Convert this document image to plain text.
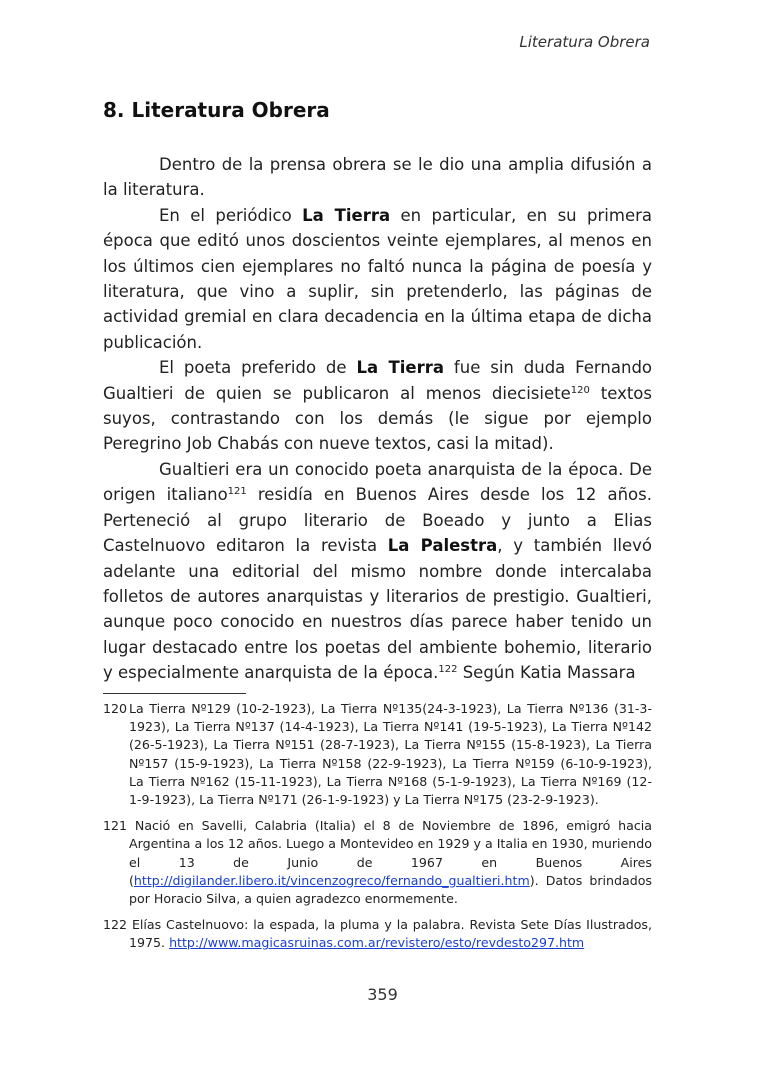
Literatura Obrera
8. Literatura Obrera

Dentro de la prensa obrera se le dio una amplia difusión a la literatura.

En el periódico La Tierra en particular, en su primera época que editó unos doscientos veinte ejemplares, al menos en los últimos cien ejemplares no faltó nunca la página de poesía y literatura, que vino a suplir, sin pretenderlo, las páginas de actividad gremial en clara decadencia en la última etapa de dicha publicación.

El poeta preferido de La Tierra fue sin duda Fernando Gualtieri de quien se publicaron al menos diecisiete$^{120}$ textos suyos, contrastando con los demás (le sigue por ejemplo Peregrino Job Chabás con nueve textos, casi la mitad).

Gualtieri era un conocido poeta anarquista de la época. De origen italiano$^{121}$ residía en Buenos Aires desde los 12 años. Perteneció al grupo literario de Boeado y junto a Elias Castelnuovo editaron la revista La Palestra, y también llevó adelante una editorial del mismo nombre donde intercalaba folletos de autores anarquistas y literarios de prestigio. Gualtieri, aunque poco conocido en nuestros días parece haber tenido un lugar destacado entre los poetas del ambiente bohemio, literario y especialmente anarquista de la época.$^{122}$ Según Katia Massara

120 La Tierra Nº129 (10-2-1923), La Tierra Nº135(24-3-1923), La Tierra Nº136 (31-3-1923), La Tierra Nº137 (14-4-1923), La Tierra Nº141 (19-5-1923), La Tierra Nº142 (26-5-1923), La Tierra Nº151 (28-7-1923), La Tierra Nº155 (15-8-1923), La Tierra Nº157 (15-9-1923), La Tierra Nº158 (22-9-1923), La Tierra Nº159 (6-10-9-1923), La Tierra Nº162 (15-11-1923), La Tierra Nº168 (5-1-9-1923), La Tierra Nº169 (12-1-9-1923), La Tierra Nº171 (26-1-9-1923) y La Tierra Nº175 (23-2-9-1923).
121 Nació en Savelli, Calabria (Italia) el 8 de Noviembre de 1896, emigró hacia Argentina a los 12 años. Luego a Montevideo en 1929 y a Italia en 1930, muriendo el 13 de Junio de 1967 en Buenos Aires (http://digilander.libero.it/vincenzogreco/fernando_gualtieri.htm). Datos brindados por Horacio Silva, a quien agradezco enormemente.
122 Elías Castelnuovo: la espada, la pluma y la palabra. Revista Sete Días Ilustrados, 1975. http://www.magicasruinas.com.ar/revistero/esto/revdesto297.htm
359
